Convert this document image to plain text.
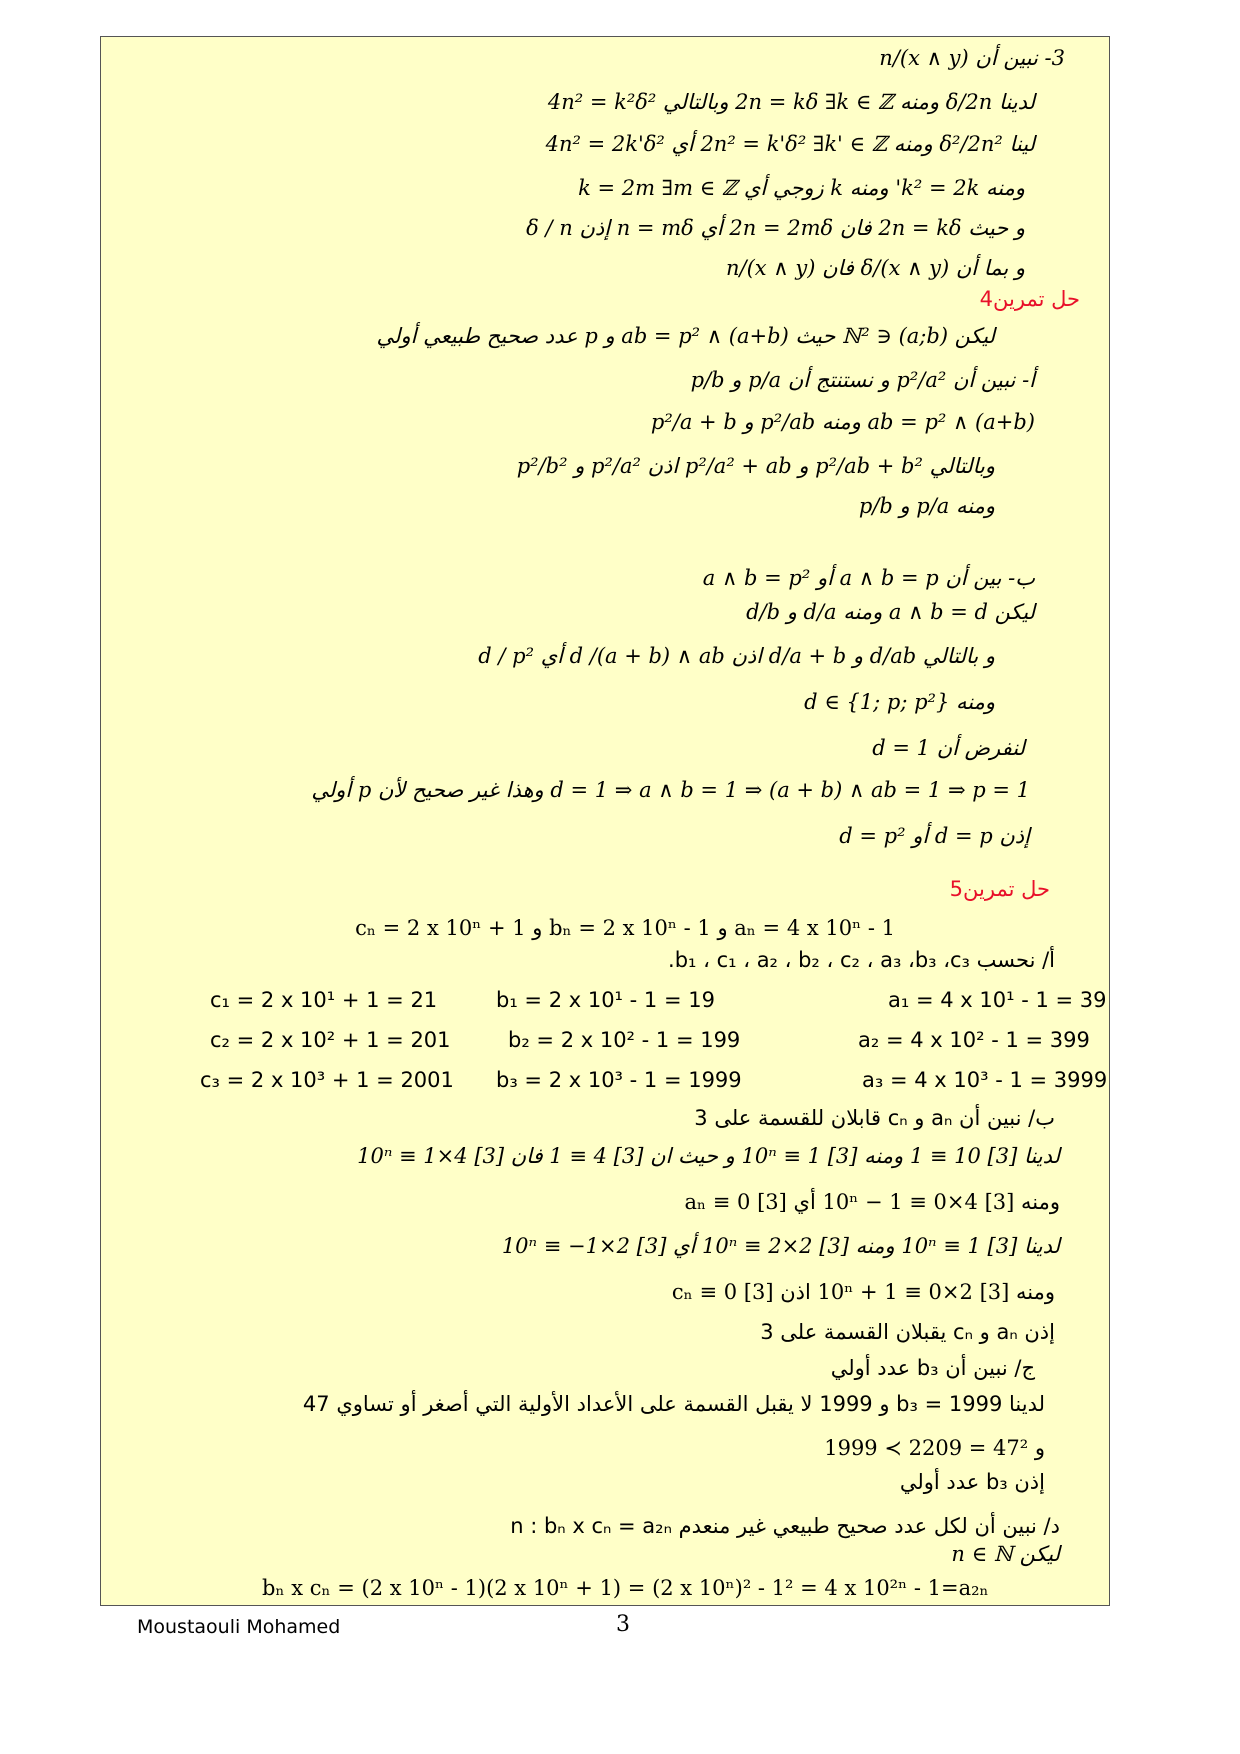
3- نبين أن (x ∧ y)/n
لدينا δ/2n ومنه 2n = kδ ∃k ∈ ℤ وبالتالي 4n² = k²δ²
لينا δ²/2n² ومنه 2n² = k'δ² ∃k' ∈ ℤ أي 4n² = 2k'δ²
ومنه k² = 2k' ومنه k زوجي أي k = 2m ∃m ∈ ℤ
و حيث 2n = kδ فان 2n = 2mδ أي n = mδ إذن δ / n
و بما أن (x ∧ y)/δ فان (x ∧ y)/n
حل تمرين4
ليكن (a;b) ∈ ℕ² حيث (a+b) ∧ ab = p² و p عدد صحيح طبيعي أولي
أ- نبين أن p²/a² و نستنتج أن p/a و p/b
(a+b) ∧ ab = p² ومنه p²/ab و p²/a + b
وبالتالي p²/ab + b² و p²/a² + ab اذن p²/a² و p²/b²
ومنه p/a و p/b
ب- بين أن a ∧ b = p أو a ∧ b = p²
ليكن a ∧ b = d ومنه d/a و d/b
و بالتالي d/ab و d/a + b اذن d /(a + b) ∧ ab أي d / p²
ومنه d ∈ {1; p; p²}
لنفرض أن d = 1
d = 1 ⇒ a ∧ b = 1 ⇒ (a + b) ∧ ab = 1 ⇒ p = 1 وهذا غير صحيح لأن p أولي
إذن d = p أو d = p²
حل تمرين5
aₙ = 4 x 10ⁿ - 1 و bₙ = 2 x 10ⁿ - 1 و cₙ = 2 x 10ⁿ + 1
أ/ نحسب b₁ ، c₁ ، a₂ ، b₂ ، c₂ ، a₃ ،b₃ ،c₃.
c₁ = 2 x 10¹ + 1 = 21	b₁ = 2 x 10¹ - 1 = 19	a₁ = 4 x 10¹ - 1 = 39
c₂ = 2 x 10² + 1 = 201	b₂ = 2 x 10² - 1 = 199	a₂ = 4 x 10² - 1 = 399
c₃ = 2 x 10³ + 1 = 2001 b₃ = 2 x 10³ - 1 = 1999	a₃ = 4 x 10³ - 1 = 3999
ب/ نبين أن aₙ و cₙ قابلان للقسمة على 3
لدينا [3] 10 ≡ 1 ومنه [3] 10ⁿ ≡ 1 و حيث ان [3] 4 ≡ 1 فان [3] 4×10ⁿ ≡ 1
ومنه [3] 4×10ⁿ − 1 ≡ 0 أي [3] aₙ ≡ 0
لدينا [3] 10ⁿ ≡ 1 ومنه [3] 2×10ⁿ ≡ 2 أي [3] 2×10ⁿ ≡ −1
ومنه [3] 2×10ⁿ + 1 ≡ 0 اذن [3] cₙ ≡ 0
إذن aₙ و cₙ يقبلان القسمة على 3
ج/ نبين أن b₃ عدد أولي
لدينا b₃ = 1999 و 1999 لا يقبل القسمة على الأعداد الأولية التي أصغر أو تساوي 47
و 47² = 2209 ≻ 1999
إذن b₃ عدد أولي
د/ نبين أن لكل عدد صحيح طبيعي غير منعدم n : bₙ x cₙ = a₂ₙ
ليكن n ∈ ℕ
bₙ x cₙ = (2 x 10ⁿ - 1)(2 x 10ⁿ + 1) = (2 x 10ⁿ)² - 1² = 4 x 10²ⁿ - 1=a₂ₙ
Moustaouli Mohamed	3
